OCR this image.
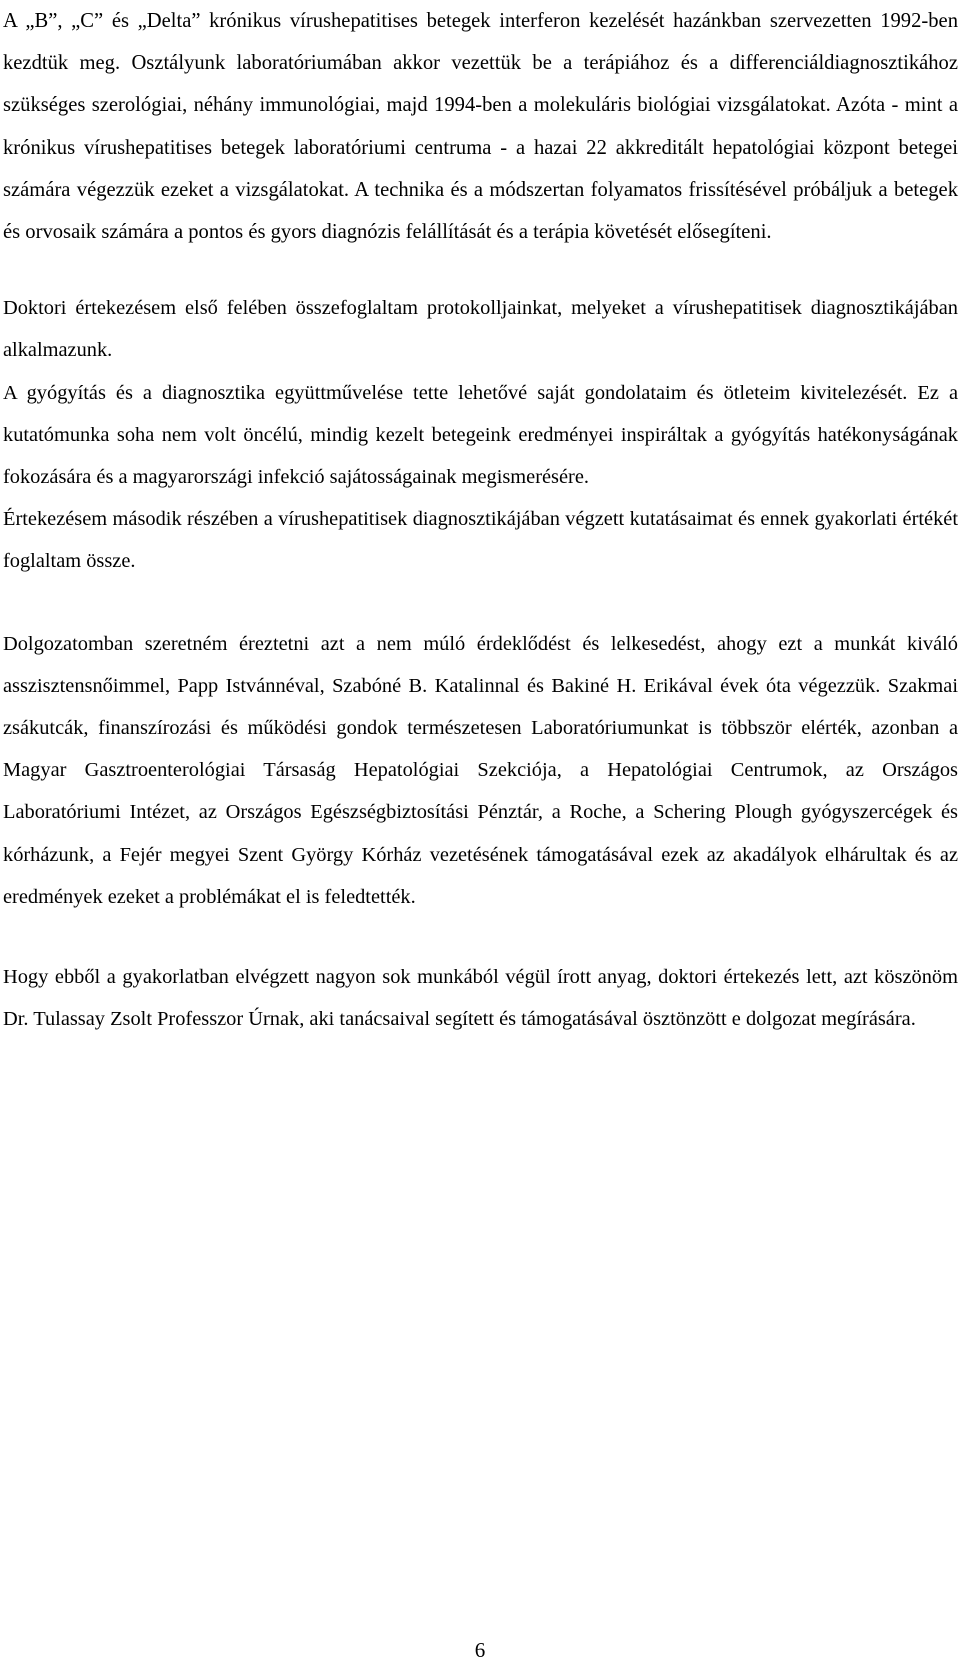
A „B”, „C” és „Delta” krónikus vírushepatitises betegek interferon kezelését hazánkban szervezetten 1992-ben kezdtük meg. Osztályunk laboratóriumában akkor vezettük be a terápiához és a differenciáldiagnosztikához szükséges szerológiai, néhány immunológiai, majd 1994-ben a molekuláris biológiai vizsgálatokat. Azóta - mint a krónikus vírushepatitises betegek laboratóriumi centruma - a hazai 22 akkreditált hepatológiai központ betegei számára végezzük ezeket a vizsgálatokat. A technika és a módszertan folyamatos frissítésével próbáljuk a betegek és orvosaik számára a pontos és gyors diagnózis felállítását és a terápia követését elősegíteni.

Doktori értekezésem első felében összefoglaltam protokolljainkat, melyeket a vírushepatitisek diagnosztikájában alkalmazunk.

A gyógyítás és a diagnosztika együttművelése tette lehetővé saját gondolataim és ötleteim kivitelezését. Ez a kutatómunka soha nem volt öncélú, mindig kezelt betegeink eredményei inspiráltak a gyógyítás hatékonyságának fokozására és a magyarországi infekció sajátosságainak megismerésére.

Értekezésem második részében a vírushepatitisek diagnosztikájában végzett kutatásaimat és ennek gyakorlati értékét foglaltam össze.

Dolgozatomban szeretném éreztetni azt a nem múló érdeklődést és lelkesedést, ahogy ezt a munkát kiváló asszisztensnőimmel, Papp Istvánnéval, Szabóné B. Katalinnal és Bakiné H. Erikával évek óta végezzük. Szakmai zsákutcák, finanszírozási és működési gondok természetesen Laboratóriumunkat is többször elérték, azonban a Magyar Gasztroenterológiai Társaság Hepatológiai Szekciója, a Hepatológiai Centrumok, az Országos Laboratóriumi Intézet, az Országos Egészségbiztosítási Pénztár, a Roche, a Schering Plough gyógyszercégek és kórházunk, a Fejér megyei Szent György Kórház vezetésének támogatásával ezek az akadályok elhárultak és az eredmények ezeket a problémákat el is feledtették.

Hogy ebből a gyakorlatban elvégzett nagyon sok munkából végül írott anyag, doktori értekezés lett, azt köszönöm Dr. Tulassay Zsolt Professzor Úrnak, aki tanácsaival segített és támogatásával ösztönzött e dolgozat megírására.

6
